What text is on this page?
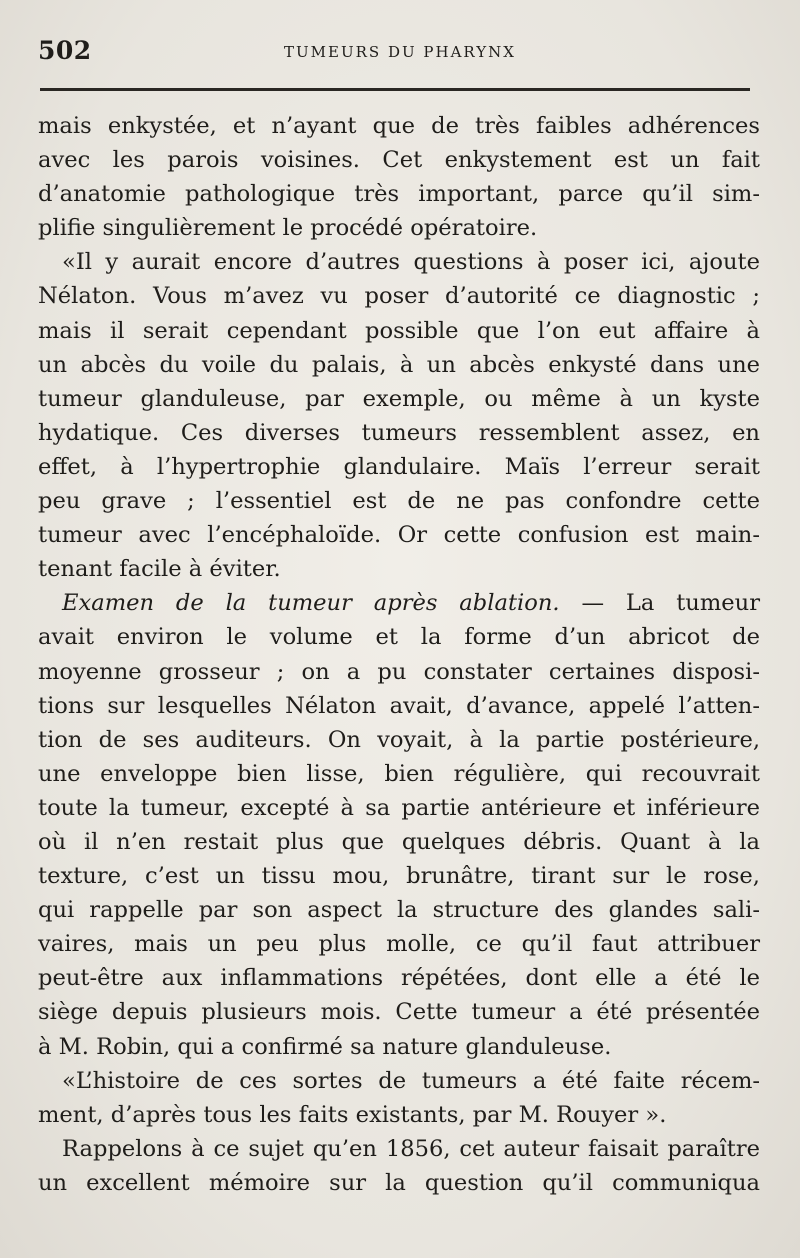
502	TUMEURS DU PHARYNX
mais enkystée, et n’ayant que de très faibles adhérences
avec les parois voisines. Cet enkystement est un fait
d’anatomie pathologique très important, parce qu’il sim-
plifie singulièrement le procédé opératoire.
«Il y aurait encore d’autres questions à poser ici, ajoute
Nélaton. Vous m’avez vu poser d’autorité ce diagnostic ;
mais il serait cependant possible que l’on eut affaire à
un abcès du voile du palais, à un abcès enkysté dans une
tumeur glanduleuse, par exemple, ou même à un kyste
hydatique. Ces diverses tumeurs ressemblent assez, en
effet, à l’hypertrophie glandulaire. Maïs l’erreur serait
peu grave ; l’essentiel est de ne pas confondre cette
tumeur avec l’encéphaloïde. Or cette confusion est main-
tenant facile à éviter.
Examen de la tumeur après ablation. — La tumeur
avait environ le volume et la forme d’un abricot de
moyenne grosseur ; on a pu constater certaines disposi-
tions sur lesquelles Nélaton avait, d’avance, appelé l’atten-
tion de ses auditeurs. On voyait, à la partie postérieure,
une enveloppe bien lisse, bien régulière, qui recouvrait
toute la tumeur, excepté à sa partie antérieure et inférieure
où il n’en restait plus que quelques débris. Quant à la
texture, c’est un tissu mou, brunâtre, tirant sur le rose,
qui rappelle par son aspect la structure des glandes sali-
vaires, mais un peu plus molle, ce qu’il faut attribuer
peut-être aux inflammations répétées, dont elle a été le
siège depuis plusieurs mois. Cette tumeur a été présentée
à M. Robin, qui a confirmé sa nature glanduleuse.
«L’histoire de ces sortes de tumeurs a été faite récem-
ment, d’après tous les faits existants, par M. Rouyer ».
Rappelons à ce sujet qu’en 1856, cet auteur faisait paraître
un excellent mémoire sur la question qu’il communiqua
